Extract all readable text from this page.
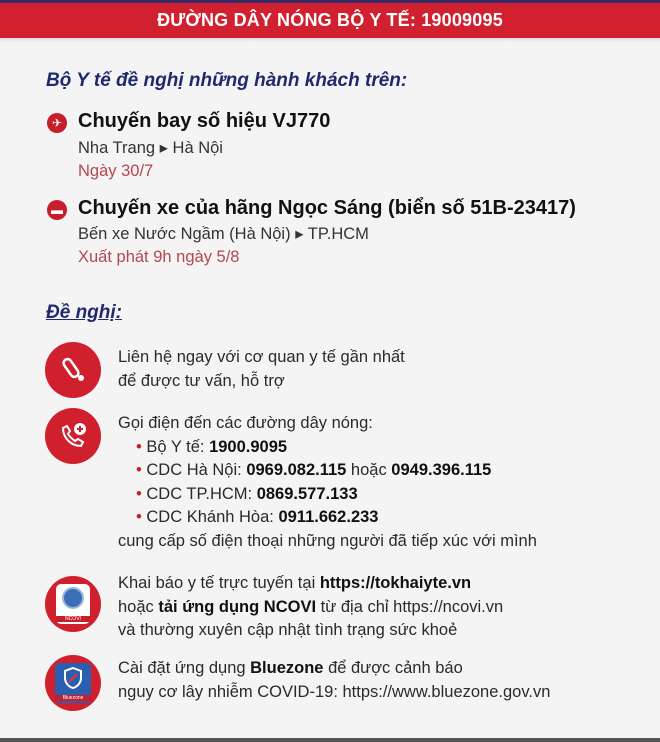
ĐƯỜNG DÂY NÓNG BỘ Y TẾ: 19009095
Bộ Y tế đề nghị những hành khách trên:
✈ Chuyến bay số hiệu VJ770
Nha Trang ▸ Hà Nội
Ngày 30/7
▬ Chuyến xe của hãng Ngọc Sáng (biển số 51B-23417)
Bến xe Nước Ngầm (Hà Nội) ▸ TP.HCM
Xuất phát 9h ngày 5/8
Đề nghị:
Liên hệ ngay với cơ quan y tế gần nhất
để được tư vấn, hỗ trợ
Gọi điện đến các đường dây nóng:
• Bộ Y tế: 1900.9095
• CDC Hà Nội: 0969.082.115 hoặc 0949.396.115
• CDC TP.HCM: 0869.577.133
• CDC Khánh Hòa: 0911.662.233
cung cấp số điện thoại những người đã tiếp xúc với mình
NCOVI
Khai báo y tế trực tuyến tại https://tokhaiyte.vn
hoặc tải ứng dụng NCOVI từ địa chỉ https://ncovi.vn
và thường xuyên cập nhật tình trạng sức khoẻ
Bluezone
Cài đặt ứng dụng Bluezone để được cảnh báo
nguy cơ lây nhiễm COVID-19: https://www.bluezone.gov.vn
